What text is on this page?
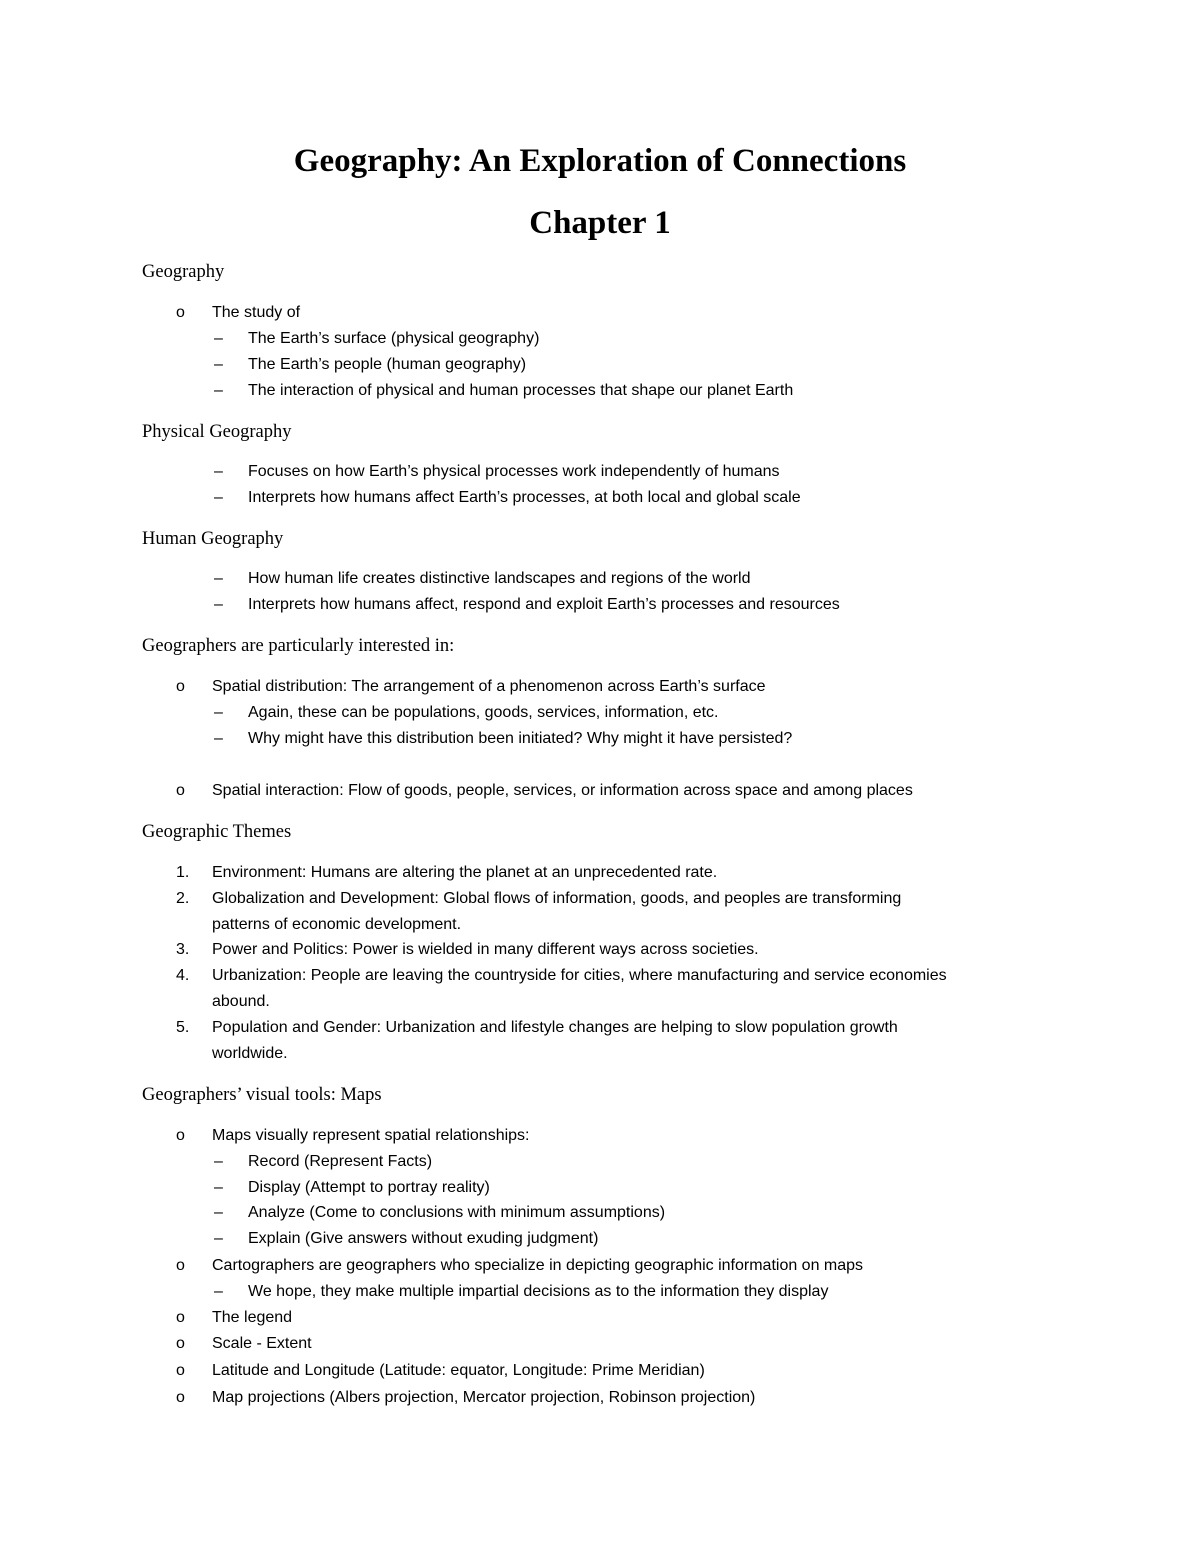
Geography: An Exploration of Connections
Chapter 1
Geography
o The study of
– The Earth’s surface (physical geography)
– The Earth’s people (human geography)
– The interaction of physical and human processes that shape our planet Earth
Physical Geography
– Focuses on how Earth’s physical processes work independently of humans
– Interprets how humans affect Earth’s processes, at both local and global scale
Human Geography
– How human life creates distinctive landscapes and regions of the world
– Interprets how humans affect, respond and exploit Earth’s processes and resources
Geographers are particularly interested in:
o Spatial distribution: The arrangement of a phenomenon across Earth’s surface
– Again, these can be populations, goods, services, information, etc.
– Why might have this distribution been initiated? Why might it have persisted?
o Spatial interaction: Flow of goods, people, services, or information across space and among places
Geographic Themes
1. Environment: Humans are altering the planet at an unprecedented rate.
2. Globalization and Development: Global flows of information, goods, and peoples are transforming
patterns of economic development.
3. Power and Politics: Power is wielded in many different ways across societies.
4. Urbanization: People are leaving the countryside for cities, where manufacturing and service economies
abound.
5. Population and Gender: Urbanization and lifestyle changes are helping to slow population growth
worldwide.
Geographers’ visual tools: Maps
o Maps visually represent spatial relationships:
– Record (Represent Facts)
– Display (Attempt to portray reality)
– Analyze (Come to conclusions with minimum assumptions)
– Explain (Give answers without exuding judgment)
o Cartographers are geographers who specialize in depicting geographic information on maps
– We hope, they make multiple impartial decisions as to the information they display
o The legend
o Scale - Extent
o Latitude and Longitude (Latitude: equator, Longitude: Prime Meridian)
o Map projections (Albers projection, Mercator projection, Robinson projection)
